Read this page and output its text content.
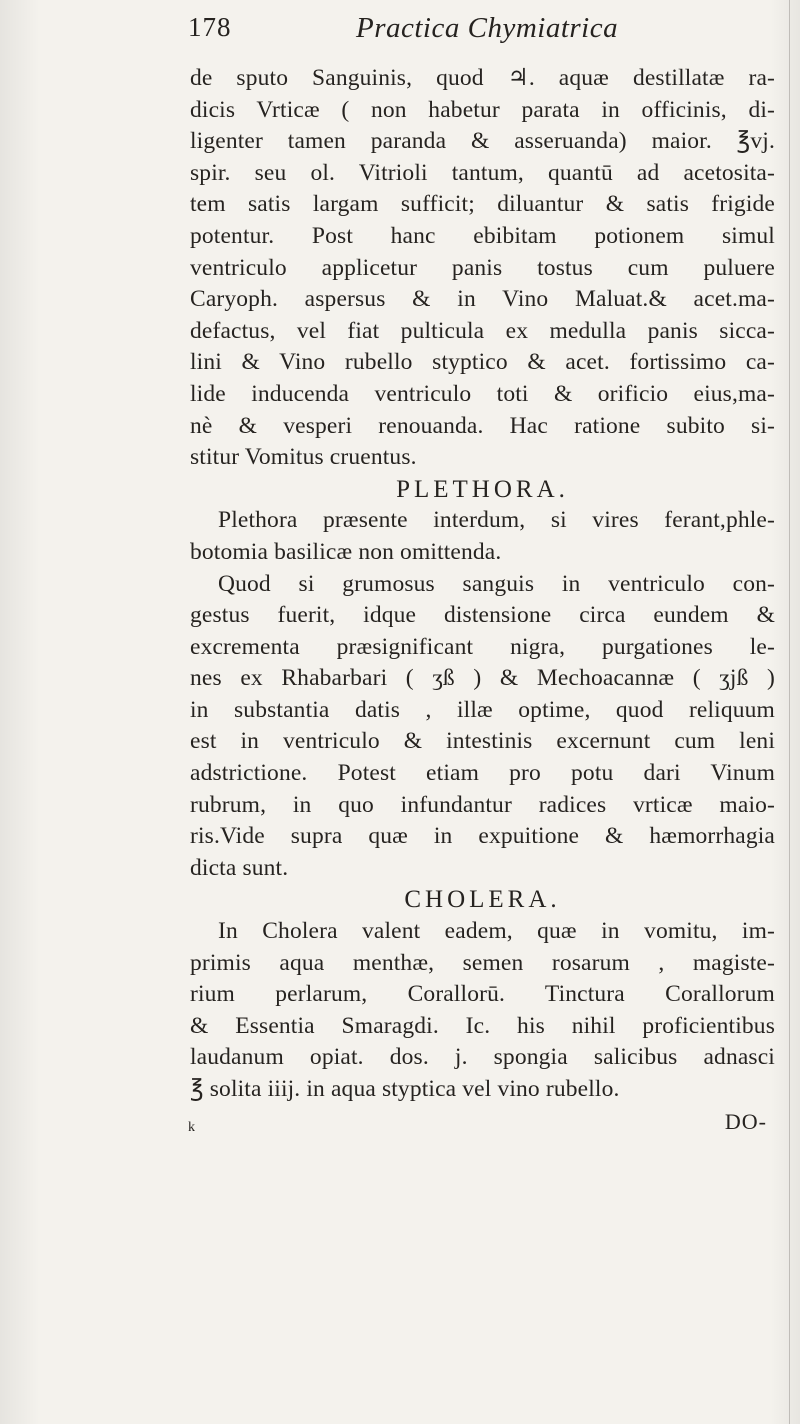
178	Practica Chymiatrica
de sputo Sanguinis, quod ♃. aquæ destillatæ ra-
dicis Vrticæ ( non habetur parata in officinis, di-
ligenter tamen paranda & asseruanda) maior. ℥vj.
spir. seu ol. Vitrioli tantum, quantū ad acetosita-
tem satis largam sufficit; diluantur & satis frigide
potentur. Post hanc ebibitam potionem simul
ventriculo applicetur panis tostus cum puluere
Caryoph. aspersus & in Vino Maluat.& acet.ma-
defactus, vel fiat pulticula ex medulla panis sicca-
lini & Vino rubello styptico & acet. fortissimo ca-
lide inducenda ventriculo toti & orificio eius,ma-
nè & vesperi renouanda. Hac ratione subito si-
stitur Vomitus cruentus.
PLETHORA.
Plethora præsente interdum, si vires ferant,phle-
botomia basilicæ non omittenda.
Quod si grumosus sanguis in ventriculo con-
gestus fuerit, idque distensione circa eundem &
excrementa præsignificant nigra, purgationes le-
nes ex Rhabarbari ( ʒß ) & Mechoacannæ ( ʒjß )
in substantia datis , illæ optime, quod reliquum
est in ventriculo & intestinis excernunt cum leni
adstrictione. Potest etiam pro potu dari Vinum
rubrum, in quo infundantur radices vrticæ maio-
ris.Vide supra quæ in expuitione & hæmorrhagia
dicta sunt.
CHOLERA.
In Cholera valent eadem, quæ in vomitu, im-
primis aqua menthæ, semen rosarum , magiste-
rium perlarum, Corallorū. Tinctura Corallorum
& Essentia Smaragdi. Ic. his nihil proficientibus
laudanum opiat. dos. j. spongia salicibus adnasci
℥ solita iiij. in aqua styptica vel vino rubello.
k	DO-
